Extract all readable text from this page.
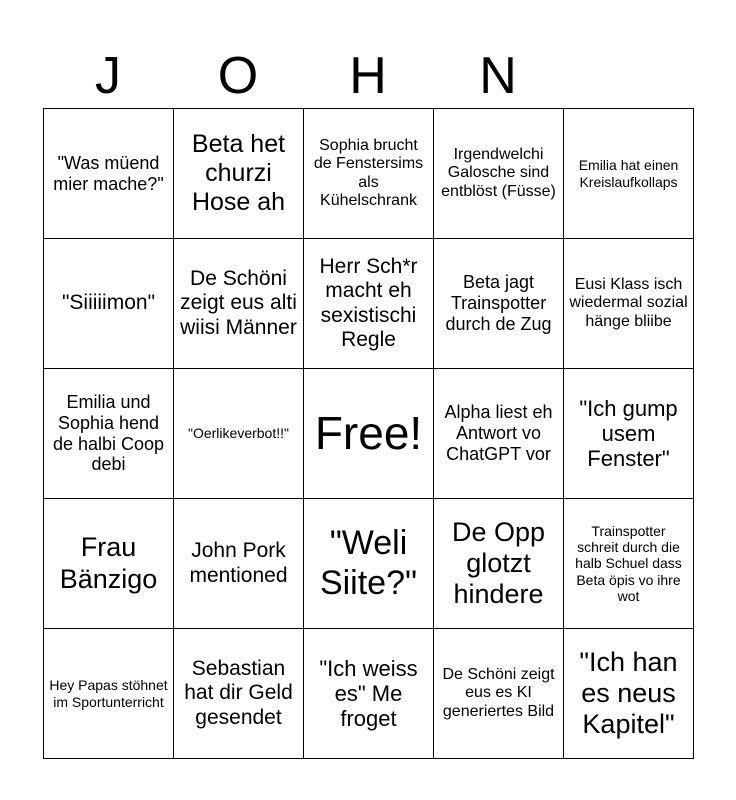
J	O	H	N
"Was müend mier mache?"	Beta het churzi Hose ah	Sophia brucht de Fenstersims als Kühelschrank	Irgendwelchi Galosche sind entblöst (Füsse)	Emilia hat einen Kreislaufkollaps
"Siiiiimon"	De Schöni zeigt eus alti wiisi Männer	Herr Sch*r macht eh sexistischi Regle	Beta jagt Trainspotter durch de Zug	Eusi Klass isch wiedermal sozial hänge bliibe
Emilia und Sophia hend de halbi Coop debi	"Oerlikeverbot!!"	Free!	Alpha liest eh Antwort vo ChatGPT vor	"Ich gump usem Fenster"
Frau Bänzigo	John Pork mentioned	"Weli Siite?"	De Opp glotzt hindere	Trainspotter schreit durch die halb Schuel dass Beta öpis vo ihre wot
Hey Papas stöhnet im Sportunterricht	Sebastian hat dir Geld gesendet	"Ich weiss es" Me froget	De Schöni zeigt eus es KI generiertes Bild	"Ich han es neus Kapitel"
